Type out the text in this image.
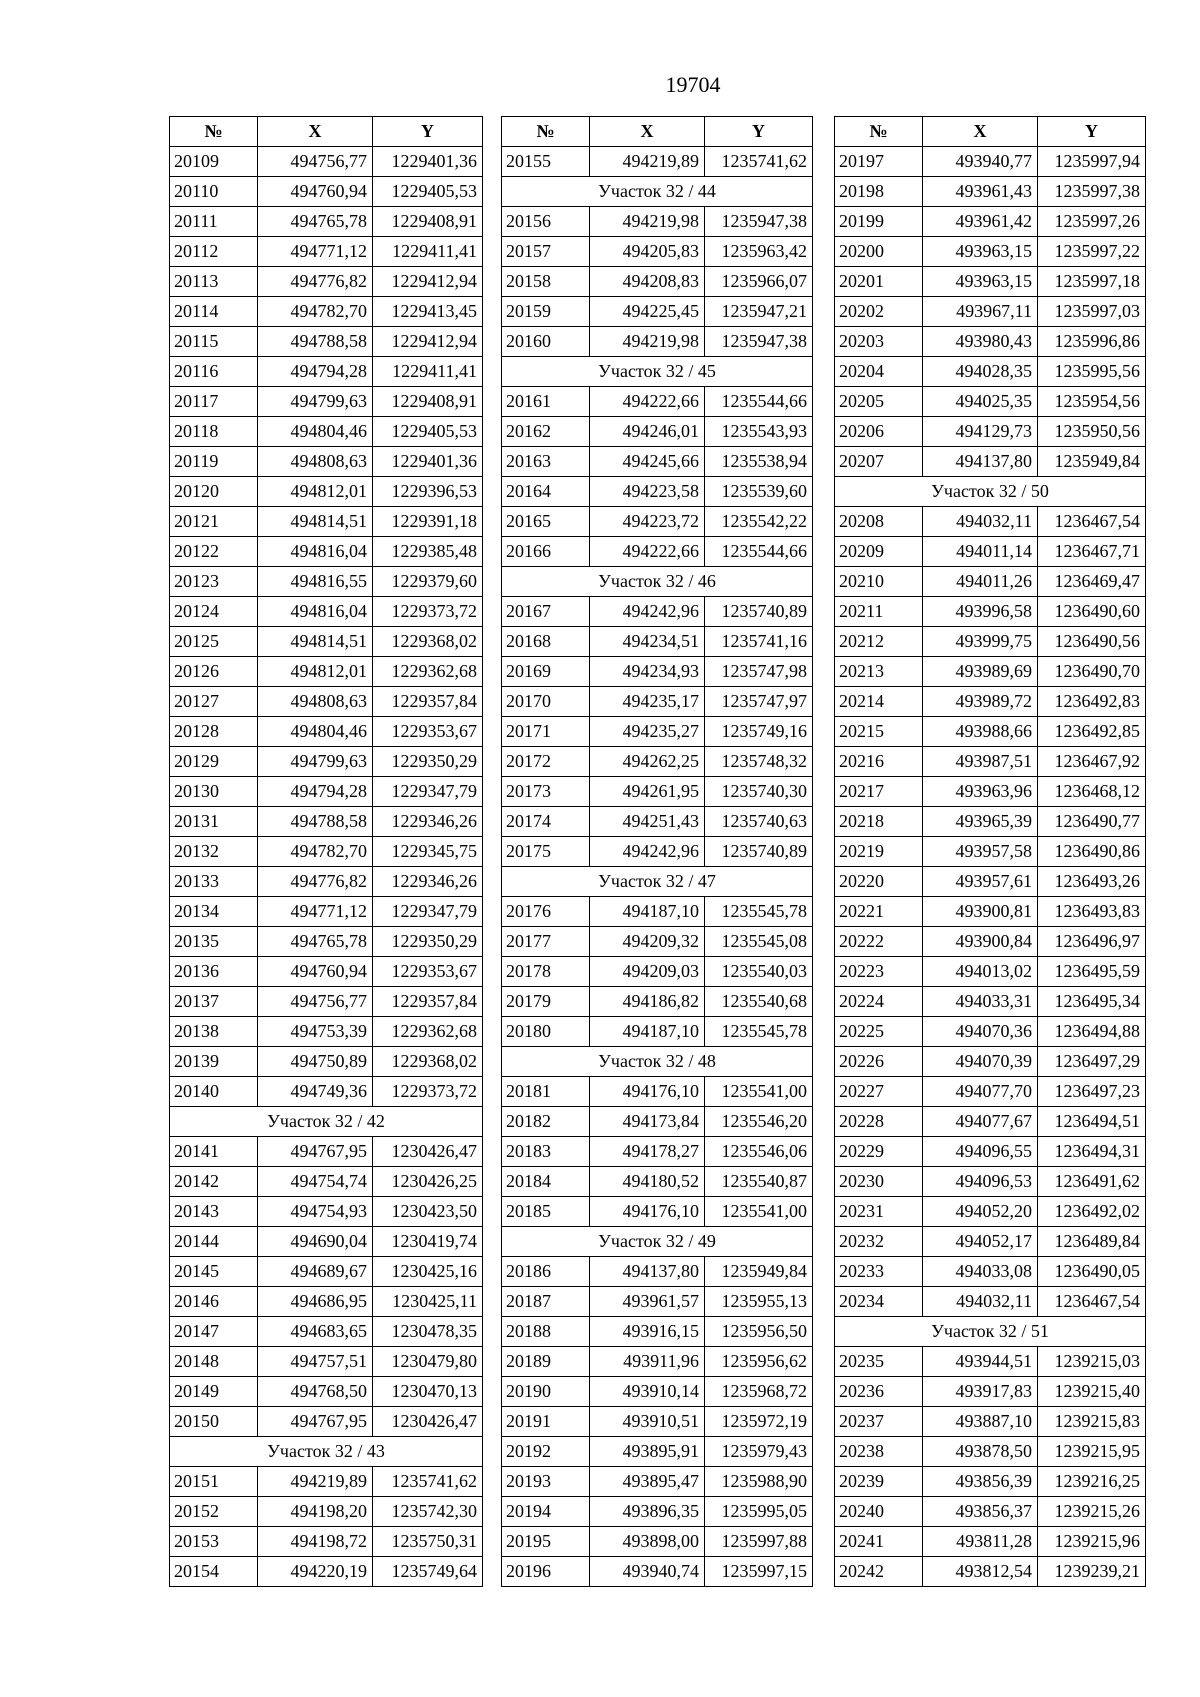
19704
№	X	Y
20109	494756,77	1229401,36
20110	494760,94	1229405,53
20111	494765,78	1229408,91
20112	494771,12	1229411,41
20113	494776,82	1229412,94
20114	494782,70	1229413,45
20115	494788,58	1229412,94
20116	494794,28	1229411,41
20117	494799,63	1229408,91
20118	494804,46	1229405,53
20119	494808,63	1229401,36
20120	494812,01	1229396,53
20121	494814,51	1229391,18
20122	494816,04	1229385,48
20123	494816,55	1229379,60
20124	494816,04	1229373,72
20125	494814,51	1229368,02
20126	494812,01	1229362,68
20127	494808,63	1229357,84
20128	494804,46	1229353,67
20129	494799,63	1229350,29
20130	494794,28	1229347,79
20131	494788,58	1229346,26
20132	494782,70	1229345,75
20133	494776,82	1229346,26
20134	494771,12	1229347,79
20135	494765,78	1229350,29
20136	494760,94	1229353,67
20137	494756,77	1229357,84
20138	494753,39	1229362,68
20139	494750,89	1229368,02
20140	494749,36	1229373,72
Участок 32 / 42		
20141	494767,95	1230426,47
20142	494754,74	1230426,25
20143	494754,93	1230423,50
20144	494690,04	1230419,74
20145	494689,67	1230425,16
20146	494686,95	1230425,11
20147	494683,65	1230478,35
20148	494757,51	1230479,80
20149	494768,50	1230470,13
20150	494767,95	1230426,47
Участок 32 / 43		
20151	494219,89	1235741,62
20152	494198,20	1235742,30
20153	494198,72	1235750,31
20154	494220,19	1235749,64
№	X	Y
20155	494219,89	1235741,62
Участок 32 / 44		
20156	494219,98	1235947,38
20157	494205,83	1235963,42
20158	494208,83	1235966,07
20159	494225,45	1235947,21
20160	494219,98	1235947,38
Участок 32 / 45		
20161	494222,66	1235544,66
20162	494246,01	1235543,93
20163	494245,66	1235538,94
20164	494223,58	1235539,60
20165	494223,72	1235542,22
20166	494222,66	1235544,66
Участок 32 / 46		
20167	494242,96	1235740,89
20168	494234,51	1235741,16
20169	494234,93	1235747,98
20170	494235,17	1235747,97
20171	494235,27	1235749,16
20172	494262,25	1235748,32
20173	494261,95	1235740,30
20174	494251,43	1235740,63
20175	494242,96	1235740,89
Участок 32 / 47		
20176	494187,10	1235545,78
20177	494209,32	1235545,08
20178	494209,03	1235540,03
20179	494186,82	1235540,68
20180	494187,10	1235545,78
Участок 32 / 48		
20181	494176,10	1235541,00
20182	494173,84	1235546,20
20183	494178,27	1235546,06
20184	494180,52	1235540,87
20185	494176,10	1235541,00
Участок 32 / 49		
20186	494137,80	1235949,84
20187	493961,57	1235955,13
20188	493916,15	1235956,50
20189	493911,96	1235956,62
20190	493910,14	1235968,72
20191	493910,51	1235972,19
20192	493895,91	1235979,43
20193	493895,47	1235988,90
20194	493896,35	1235995,05
20195	493898,00	1235997,88
20196	493940,74	1235997,15
№	X	Y
20197	493940,77	1235997,94
20198	493961,43	1235997,38
20199	493961,42	1235997,26
20200	493963,15	1235997,22
20201	493963,15	1235997,18
20202	493967,11	1235997,03
20203	493980,43	1235996,86
20204	494028,35	1235995,56
20205	494025,35	1235954,56
20206	494129,73	1235950,56
20207	494137,80	1235949,84
Участок 32 / 50		
20208	494032,11	1236467,54
20209	494011,14	1236467,71
20210	494011,26	1236469,47
20211	493996,58	1236490,60
20212	493999,75	1236490,56
20213	493989,69	1236490,70
20214	493989,72	1236492,83
20215	493988,66	1236492,85
20216	493987,51	1236467,92
20217	493963,96	1236468,12
20218	493965,39	1236490,77
20219	493957,58	1236490,86
20220	493957,61	1236493,26
20221	493900,81	1236493,83
20222	493900,84	1236496,97
20223	494013,02	1236495,59
20224	494033,31	1236495,34
20225	494070,36	1236494,88
20226	494070,39	1236497,29
20227	494077,70	1236497,23
20228	494077,67	1236494,51
20229	494096,55	1236494,31
20230	494096,53	1236491,62
20231	494052,20	1236492,02
20232	494052,17	1236489,84
20233	494033,08	1236490,05
20234	494032,11	1236467,54
Участок 32 / 51		
20235	493944,51	1239215,03
20236	493917,83	1239215,40
20237	493887,10	1239215,83
20238	493878,50	1239215,95
20239	493856,39	1239216,25
20240	493856,37	1239215,26
20241	493811,28	1239215,96
20242	493812,54	1239239,21
